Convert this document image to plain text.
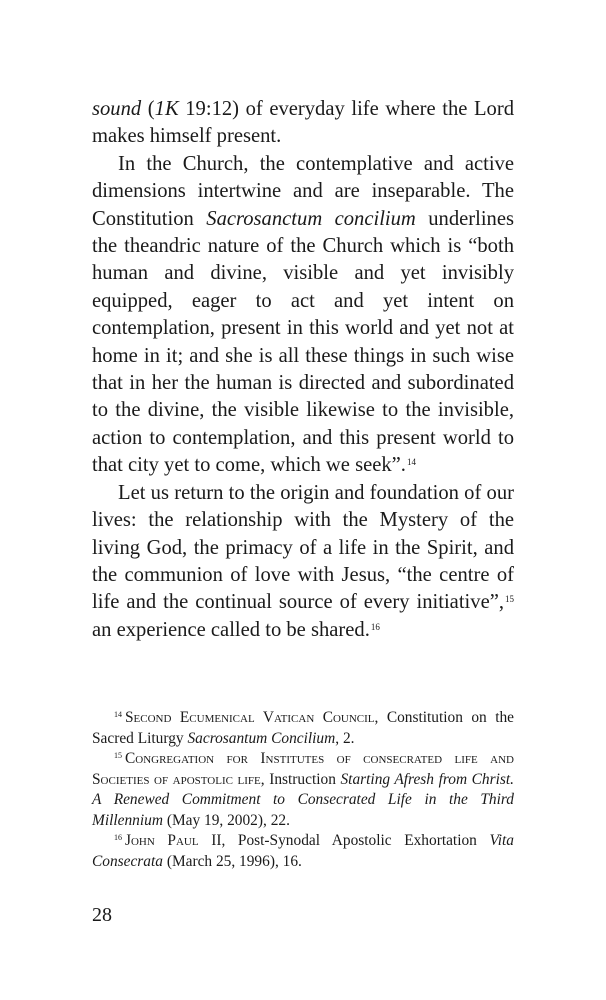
sound (1K 19:12) of everyday life where the Lord makes himself present.

In the Church, the contemplative and active dimensions intertwine and are inseparable. The Constitution Sacrosanctum concilium underlines the theandric nature of the Church which is “both human and divine, visible and yet invisibly equipped, eager to act and yet intent on contemplation, present in this world and yet not at home in it; and she is all these things in such wise that in her the human is directed and subordinated to the divine, the visible likewise to the invisible, action to contemplation, and this present world to that city yet to come, which we seek”.$^{14}$

Let us return to the origin and foundation of our lives: the relationship with the Mystery of the living God, the primacy of a life in the Spirit, and the communion of love with Jesus, “the centre of life and the continual source of every initiative”,$^{15}$ an experience called to be shared.$^{16}$

$^{14}$ Second Ecumenical Vatican Council, Constitution on the Sacred Liturgy Sacrosantum Concilium, 2.

$^{15}$ Congregation for Institutes of consecrated life and Societies of apostolic life, Instruction Starting Afresh from Christ. A Renewed Commitment to Consecrated Life in the Third Millennium (May 19, 2002), 22.

$^{16}$ John Paul II, Post-Synodal Apostolic Exhortation Vita Consecrata (March 25, 1996), 16.

28
